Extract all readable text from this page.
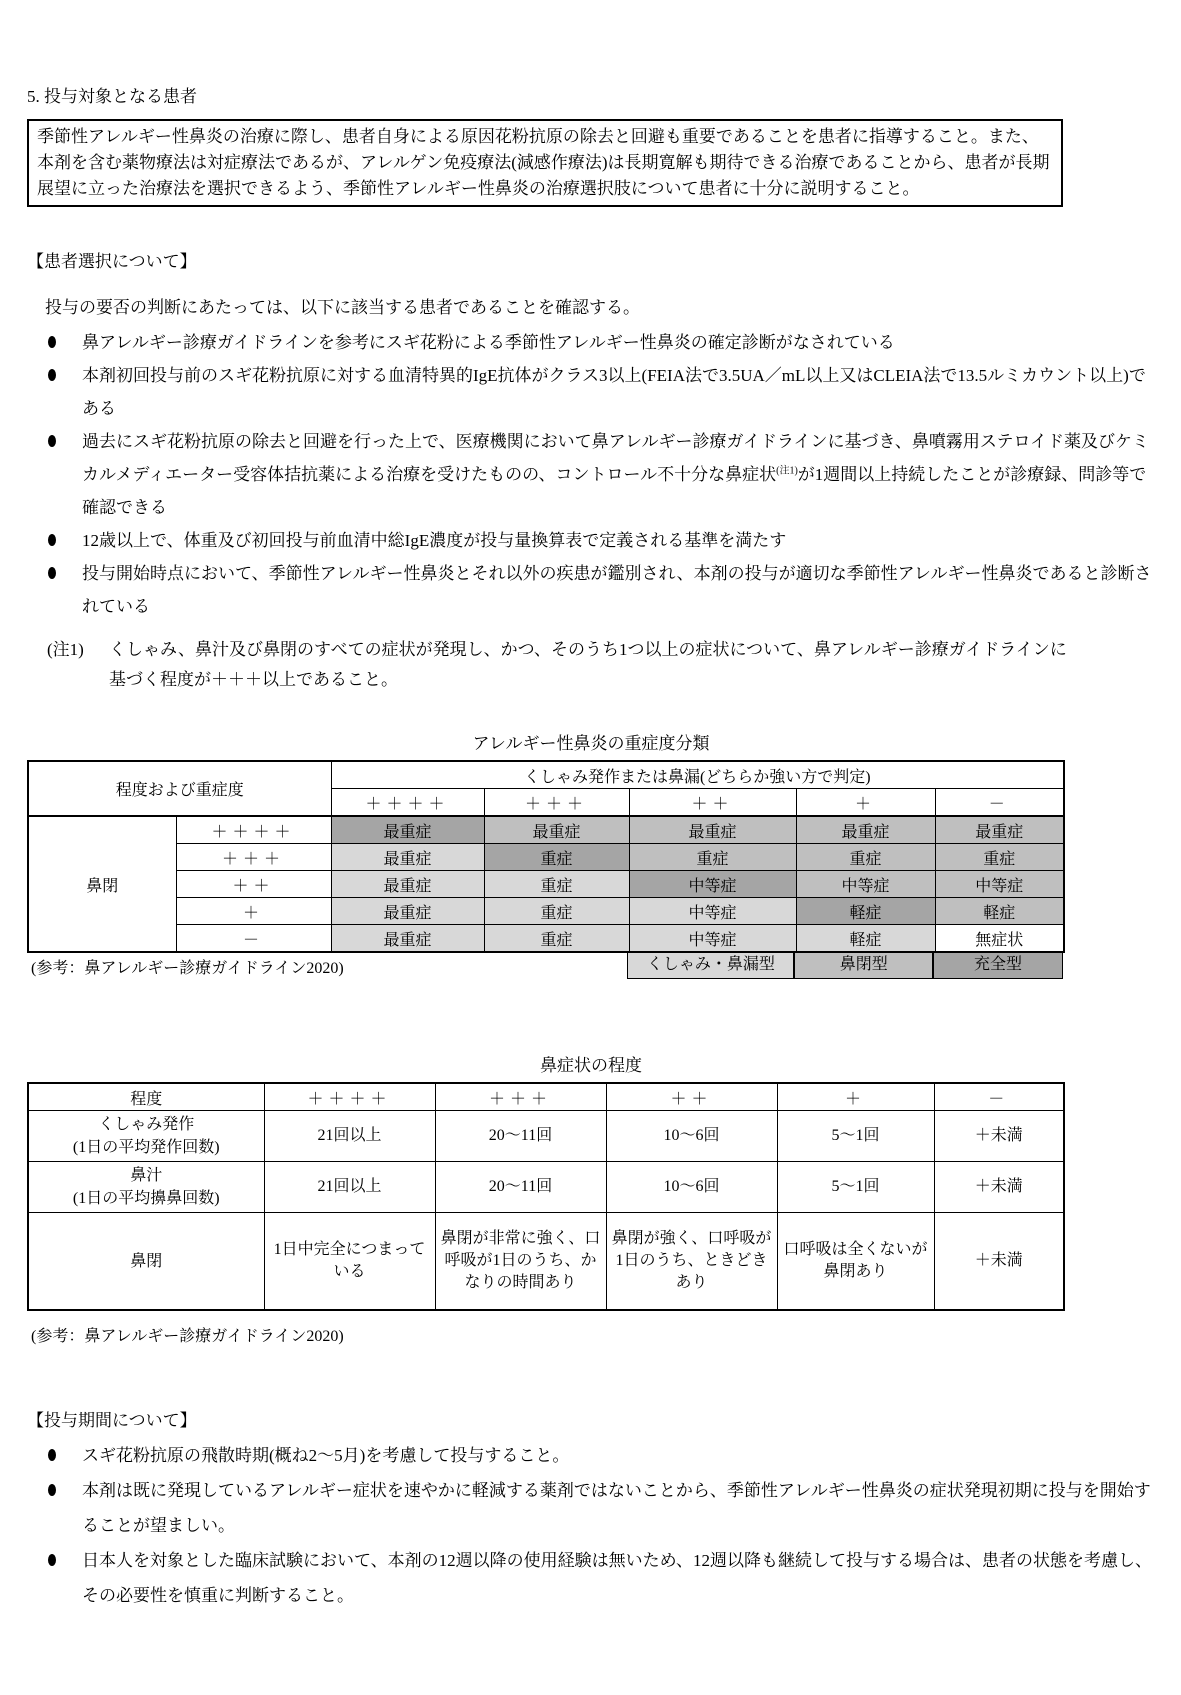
5. 投与対象となる患者
季節性アレルギー性鼻炎の治療に際し、患者自身による原因花粉抗原の除去と回避も重要であることを患者に指導すること。また、本剤を含む薬物療法は対症療法であるが、アレルゲン免疫療法(減感作療法)は長期寛解も期待できる治療であることから、患者が長期展望に立った治療法を選択できるよう、季節性アレルギー性鼻炎の治療選択肢について患者に十分に説明すること。
【患者選択について】
投与の要否の判断にあたっては、以下に該当する患者であることを確認する。
鼻アレルギー診療ガイドラインを参考にスギ花粉による季節性アレルギー性鼻炎の確定診断がなされている
本剤初回投与前のスギ花粉抗原に対する血清特異的IgE抗体がクラス3以上(FEIA法で3.5UA／mL以上又はCLEIA法で13.5ルミカウント以上)である
過去にスギ花粉抗原の除去と回避を行った上で、医療機関において鼻アレルギー診療ガイドラインに基づき、鼻噴霧用ステロイド薬及びケミカルメディエーター受容体拮抗薬による治療を受けたものの、コントロール不十分な鼻症状$^{(注1)}$が1週間以上持続したことが診療録、問診等で確認できる
12歳以上で、体重及び初回投与前血清中総IgE濃度が投与量換算表で定義される基準を満たす
投与開始時点において、季節性アレルギー性鼻炎とそれ以外の疾患が鑑別され、本剤の投与が適切な季節性アレルギー性鼻炎であると診断されている
(注1)	くしゃみ、鼻汁及び鼻閉のすべての症状が発現し、かつ、そのうち1つ以上の症状について、鼻アレルギー診療ガイドラインに基づく程度が＋＋＋以上であること。
アレルギー性鼻炎の重症度分類
程度および重症度		くしゃみ発作または鼻漏(どちらか強い方で判定)				
		＋＋＋＋	＋＋＋	＋＋	＋	－
鼻閉	＋＋＋＋	最重症	最重症	最重症	最重症	最重症
	＋＋＋	最重症	重症	重症	重症	重症
	＋＋	最重症	重症	中等症	中等症	中等症
	＋	最重症	重症	中等症	軽症	軽症
	－	最重症	重症	中等症	軽症	無症状
(参考：鼻アレルギー診療ガイドライン2020)	くしゃみ・鼻漏型	鼻閉型	充全型
鼻症状の程度
程度	＋＋＋＋	＋＋＋	＋＋	＋	－

くしゃみ発作
(1日の平均発作回数)	21回以上	20〜11回	10〜6回	5〜1回	＋未満

鼻汁
(1日の平均擤鼻回数)	21回以上	20〜11回	10〜6回	5〜1回	＋未満

鼻閉	1日中完全につまっている	鼻閉が非常に強く、口呼吸が1日のうち、かなりの時間あり	鼻閉が強く、口呼吸が1日のうち、ときどきあり	口呼吸は全くないが鼻閉あり	＋未満
(参考：鼻アレルギー診療ガイドライン2020)
【投与期間について】
スギ花粉抗原の飛散時期(概ね2〜5月)を考慮して投与すること。
本剤は既に発現しているアレルギー症状を速やかに軽減する薬剤ではないことから、季節性アレルギー性鼻炎の症状発現初期に投与を開始することが望ましい。
日本人を対象とした臨床試験において、本剤の12週以降の使用経験は無いため、12週以降も継続して投与する場合は、患者の状態を考慮し、その必要性を慎重に判断すること。
